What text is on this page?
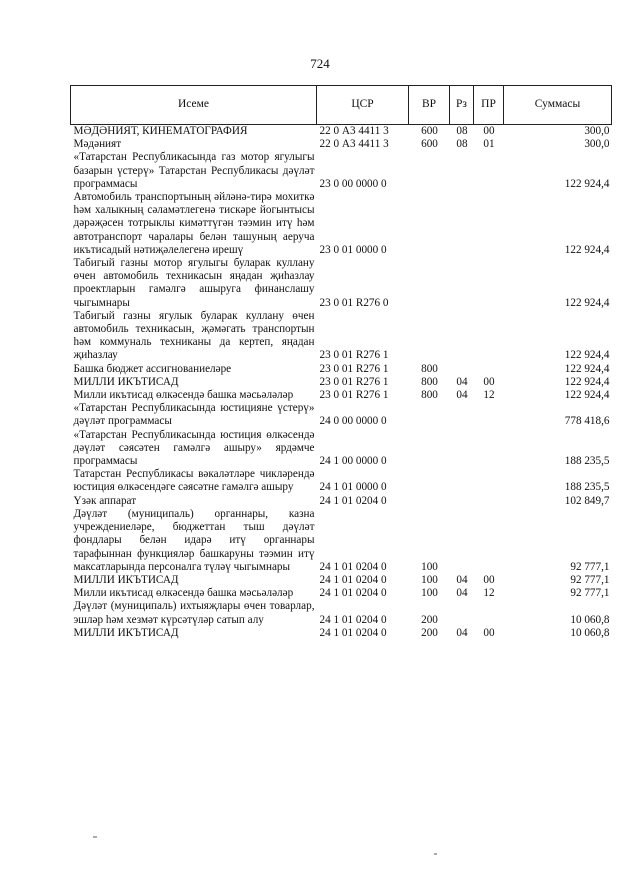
724
Исеме	ЦСР	ВР	Рз	ПР	Суммасы
МӘДӘНИЯТ, КИНЕМАТОГРАФИЯ	22 0 А3 4411 3	600	08	00	300,0
Мәдәният	22 0 А3 4411 3	600	08	01	300,0
«Татарстан Республикасында газ мотор ягулыгы базарын үстерү» Татарстан Республикасы дәүләт программасы	23 0 00 0000 0				122 924,4
Автомобиль транспортының әйләнә-тирә мохиткә һәм халыкның сәламәтлегенә тискәре йогынтысы дәрәҗәсен тотрыклы кимәттүгән тәэмин итү һәм автотранспорт чаралары белән ташуның аеруча икътисадый нәтиҗәлелегенә ирешү	23 0 01 0000 0				122 924,4
Табигый газны мотор ягулыгы буларак куллану өчен автомобиль техникасын яңадан җиһазлау проектларын гамәлгә ашыруга финанслашу чыгымнары	23 0 01 R276 0				122 924,4
Табигый газны ягулык буларак куллану өчен автомобиль техникасын, җәмәгать транспортын һәм коммуналь техниканы да кертеп, яңадан җиһазлау	23 0 01 R276 1				122 924,4
Башка бюджет ассигнованиеләре	23 0 01 R276 1	800			122 924,4
МИЛЛИ ИКЪТИСАД	23 0 01 R276 1	800	04	00	122 924,4
Милли икътисад өлкәсендә башка мәсьәләләр	23 0 01 R276 1	800	04	12	122 924,4
«Татарстан Республикасында юстицияне үстерү» дәүләт программасы	24 0 00 0000 0				778 418,6
«Татарстан Республикасында юстиция өлкәсендә дәүләт сәясәтен гамәлгә ашыру» ярдәмче программасы	24 1 00 0000 0				188 235,5
Татарстан Республикасы вәкаләтләре чикләрендә юстиция өлкәсендәге сәясәтне гамәлгә ашыру	24 1 01 0000 0				188 235,5
Үзәк аппарат	24 1 01 0204 0				102 849,7
Дәүләт (муниципаль) органнары, казна учреждениеләре, бюджеттан тыш дәүләт фондлары белән идарә итү органнары тарафыннан функцияләр башкаруны тәэмин итү максатларында персоналга түләү чыгымнары	24 1 01 0204 0	100			92 777,1
МИЛЛИ ИКЪТИСАД	24 1 01 0204 0	100	04	00	92 777,1
Милли икътисад өлкәсендә башка мәсьәләләр	24 1 01 0204 0	100	04	12	92 777,1
Дәүләт (муниципаль) ихтыяҗлары өчен товарлар, эшләр һәм хезмәт күрсәтүләр сатып алу	24 1 01 0204 0	200			10 060,8
МИЛЛИ ИКЪТИСАД	24 1 01 0204 0	200	04	00	10 060,8
